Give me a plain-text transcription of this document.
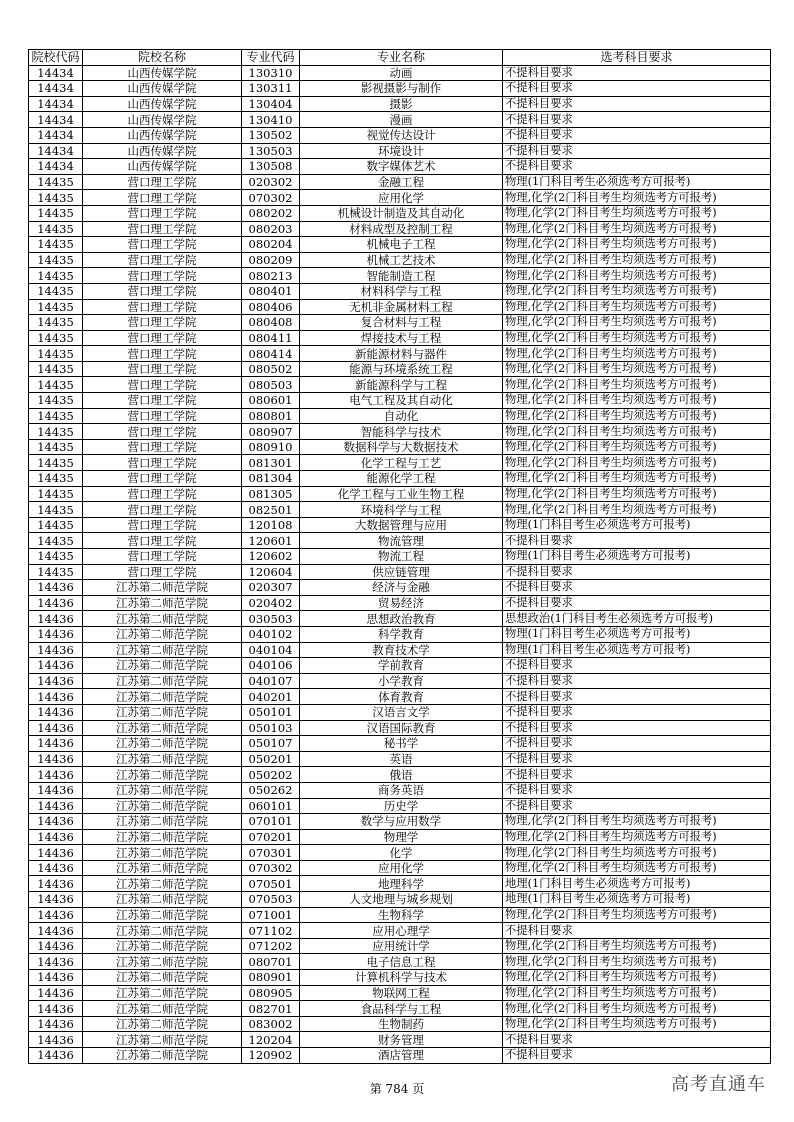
院校代码	院校名称	专业代码	专业名称	选考科目要求
14434	山西传媒学院	130310	动画	不提科目要求
14434	山西传媒学院	130311	影视摄影与制作	不提科目要求
14434	山西传媒学院	130404	摄影	不提科目要求
14434	山西传媒学院	130410	漫画	不提科目要求
14434	山西传媒学院	130502	视觉传达设计	不提科目要求
14434	山西传媒学院	130503	环境设计	不提科目要求
14434	山西传媒学院	130508	数字媒体艺术	不提科目要求
14435	营口理工学院	020302	金融工程	物理(1门科目考生必须选考方可报考)
14435	营口理工学院	070302	应用化学	物理,化学(2门科目考生均须选考方可报考)
14435	营口理工学院	080202	机械设计制造及其自动化	物理,化学(2门科目考生均须选考方可报考)
14435	营口理工学院	080203	材料成型及控制工程	物理,化学(2门科目考生均须选考方可报考)
14435	营口理工学院	080204	机械电子工程	物理,化学(2门科目考生均须选考方可报考)
14435	营口理工学院	080209	机械工艺技术	物理,化学(2门科目考生均须选考方可报考)
14435	营口理工学院	080213	智能制造工程	物理,化学(2门科目考生均须选考方可报考)
14435	营口理工学院	080401	材料科学与工程	物理,化学(2门科目考生均须选考方可报考)
14435	营口理工学院	080406	无机非金属材料工程	物理,化学(2门科目考生均须选考方可报考)
14435	营口理工学院	080408	复合材料与工程	物理,化学(2门科目考生均须选考方可报考)
14435	营口理工学院	080411	焊接技术与工程	物理,化学(2门科目考生均须选考方可报考)
14435	营口理工学院	080414	新能源材料与器件	物理,化学(2门科目考生均须选考方可报考)
14435	营口理工学院	080502	能源与环境系统工程	物理,化学(2门科目考生均须选考方可报考)
14435	营口理工学院	080503	新能源科学与工程	物理,化学(2门科目考生均须选考方可报考)
14435	营口理工学院	080601	电气工程及其自动化	物理,化学(2门科目考生均须选考方可报考)
14435	营口理工学院	080801	自动化	物理,化学(2门科目考生均须选考方可报考)
14435	营口理工学院	080907	智能科学与技术	物理,化学(2门科目考生均须选考方可报考)
14435	营口理工学院	080910	数据科学与大数据技术	物理,化学(2门科目考生均须选考方可报考)
14435	营口理工学院	081301	化学工程与工艺	物理,化学(2门科目考生均须选考方可报考)
14435	营口理工学院	081304	能源化学工程	物理,化学(2门科目考生均须选考方可报考)
14435	营口理工学院	081305	化学工程与工业生物工程	物理,化学(2门科目考生均须选考方可报考)
14435	营口理工学院	082501	环境科学与工程	物理,化学(2门科目考生均须选考方可报考)
14435	营口理工学院	120108	大数据管理与应用	物理(1门科目考生必须选考方可报考)
14435	营口理工学院	120601	物流管理	不提科目要求
14435	营口理工学院	120602	物流工程	物理(1门科目考生必须选考方可报考)
14435	营口理工学院	120604	供应链管理	不提科目要求
14436	江苏第二师范学院	020307	经济与金融	不提科目要求
14436	江苏第二师范学院	020402	贸易经济	不提科目要求
14436	江苏第二师范学院	030503	思想政治教育	思想政治(1门科目考生必须选考方可报考)
14436	江苏第二师范学院	040102	科学教育	物理(1门科目考生必须选考方可报考)
14436	江苏第二师范学院	040104	教育技术学	物理(1门科目考生必须选考方可报考)
14436	江苏第二师范学院	040106	学前教育	不提科目要求
14436	江苏第二师范学院	040107	小学教育	不提科目要求
14436	江苏第二师范学院	040201	体育教育	不提科目要求
14436	江苏第二师范学院	050101	汉语言文学	不提科目要求
14436	江苏第二师范学院	050103	汉语国际教育	不提科目要求
14436	江苏第二师范学院	050107	秘书学	不提科目要求
14436	江苏第二师范学院	050201	英语	不提科目要求
14436	江苏第二师范学院	050202	俄语	不提科目要求
14436	江苏第二师范学院	050262	商务英语	不提科目要求
14436	江苏第二师范学院	060101	历史学	不提科目要求
14436	江苏第二师范学院	070101	数学与应用数学	物理,化学(2门科目考生均须选考方可报考)
14436	江苏第二师范学院	070201	物理学	物理,化学(2门科目考生均须选考方可报考)
14436	江苏第二师范学院	070301	化学	物理,化学(2门科目考生均须选考方可报考)
14436	江苏第二师范学院	070302	应用化学	物理,化学(2门科目考生均须选考方可报考)
14436	江苏第二师范学院	070501	地理科学	地理(1门科目考生必须选考方可报考)
14436	江苏第二师范学院	070503	人文地理与城乡规划	地理(1门科目考生必须选考方可报考)
14436	江苏第二师范学院	071001	生物科学	物理,化学(2门科目考生均须选考方可报考)
14436	江苏第二师范学院	071102	应用心理学	不提科目要求
14436	江苏第二师范学院	071202	应用统计学	物理,化学(2门科目考生均须选考方可报考)
14436	江苏第二师范学院	080701	电子信息工程	物理,化学(2门科目考生均须选考方可报考)
14436	江苏第二师范学院	080901	计算机科学与技术	物理,化学(2门科目考生均须选考方可报考)
14436	江苏第二师范学院	080905	物联网工程	物理,化学(2门科目考生均须选考方可报考)
14436	江苏第二师范学院	082701	食品科学与工程	物理,化学(2门科目考生均须选考方可报考)
14436	江苏第二师范学院	083002	生物制药	物理,化学(2门科目考生均须选考方可报考)
14436	江苏第二师范学院	120204	财务管理	不提科目要求
14436	江苏第二师范学院	120902	酒店管理	不提科目要求
第 784 页	高考直通车
